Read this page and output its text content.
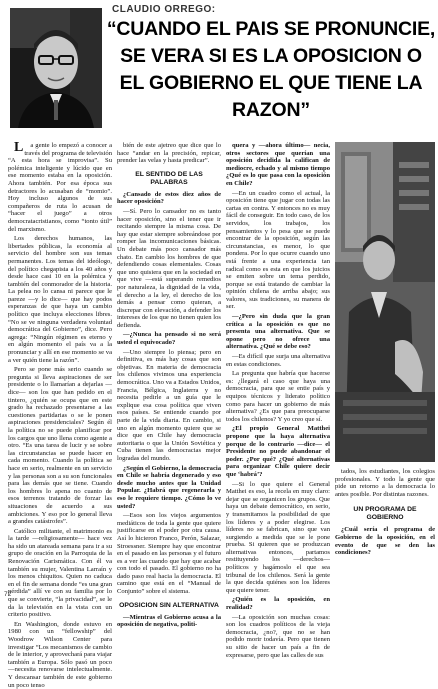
CLAUDIO ORREGO:
“CUANDO EL PAIS SE PRONUNCIE, SE VERA SI ES LA OPOSICION O EL GOBIERNO EL QUE TIENE LA RAZON”

La gente lo empezó a conocer a través del programa de televisión “A esta hora se improvisa”. Su polémica inteligente y lúcido que en ese momento estaba en la oposición. Ahora también. Por esa época sus detractores lo acusaban de “momio”. Hoy incluso algunos de sus compañeros de ruta lo acusan de “hacer el juego” a otros democratacristianos, como “tonto útil” del marxismo.

Los derechos humanos, las libertades públicas, la economía al servicio del hombre son sus temas permanentes. Los temas del ideólogo, del político chegapista a los 40 años y desde hace casi 10 en la polémica y también del conmorador de la historia. La pelea no lo cansa ni parece que le pareze —y lo dice— que hay podos esperanzas de que haya un cambio político que incluya elecciones libres. “No se ve ninguna verdadera voluntad democrática del Gobierno”, dice. Pero agrega: “Ningún régimen es eterno y en algún momento el país va a la pronunciar y allí en ese momento se va a ver quién tiene la razón”.

Pero se pone más serio cuando se pregunta si lleva aspiraciones de ser presidente o lo llamarían a dejarlas —dice— son los que han pedido en el tintero, ¿quién se ocupa que en este grado ha rechazado presentarse a las cuestiones partidarias o se le ponen aspiraciones presidenciales? Según él la política no se puede planificar por los cargos que uno llena como agente a otro. “Es una tarea de lucir y se sobre las circunstancias se puede hacer en cada momento. Cuando la política se hace en serio, realmente en un servicio y las personas son a su son funcionales para las demás que se tiene. Cuando los hombres lo apena no cuanto de esos terrenos tratando de forzar las situaciones de acuerdo a sus ambiciones. Y eso por lo general lleva a grandes catástrofes”.

Católico militante, el matrimonio es la tarde —religiosamente— hace vez ha sido un atareada semana para ir a su grupo de oración en la Parroquia de la Renovación Carismática. Con él va también su mujer, Valentina Larraín y los menos chiquitos. Quien no caduca en el fin de semana donde “es una gran pérdida” allí ve con su familia por lo que se convierte, “la privacidad”, se le da la televisión en la vista con un criterio positivo.

En Washington, donde estuvo en 1980 con un “fellowship” del Woodrow Wilson Center para investigar “Los mecanismos de cambio de le interior, y aprovechará para viajar también a Europa. Sólo pasó un poco —necesita renovarse intelectualmente. Y descansar también de este gobierno un poco tenso

bién de este ajetreo que dice que lo hace “andar en la precisión, repicar, prender las velas y hasta predicar”.

EL SENTIDO DE LAS PALABRAS

¿Cansado de estos diez años de hacer oposición?

—Sí. Pero lo cansador no es tanto hacer oposición, sino el tener que ir recitando siempre la misma cosa. De hay que estar siempre sobreándose por romper las incomunicaciones básicas. Un debate más poco cansador más chato. En cambio los hombres de que defendiendo cosas elementales. Cosas que uno quisiera que en la sociedad en que vive —está superando remedios por naturaleza, la dignidad de la vida, el derecho a la ley, el derecho de los demás a pensar como quieran, a discrepar con elevación, a defender los intereses de los que no tienen quien los defienda.

—¿Nunca ha pensado si no será usted el equivocado?

—Uno siempre lo piensa; pero en definitiva, es más hay cosas que son objetivas. En materia de democracia los chilenos vivimos una experiencia democrática. Uno va a Estados Unidos, Francia, Bélgica, Inglaterra y no necesita pedirle a un guía que le explique esa cosa política que viven esos países. Se entiende cuando por parte de la vida diaria. En cambio, si uno en algún momento quiere que se dice que en Chile hay democracia autoritaria o que la Unión Soviética y Cuba tienen las democracias mejor logradas del mundo.

¿Según el Gobierno, la democracia en Chile se habría degenerado y eso desde mucho antes que la Unidad Popular. ¿Habrá que regenerarla y eso le requiere tiempo. ¿Cómo lo ve usted?

—Esos son los viejos argumentos mediáticos de toda la gente que quiere justificarse en el poder por otra causa. Así lo hicieron Franco, Perón, Salazar, Stroessner. Siempre hay que encontrar en el pasado en las personas y el futuro es a ver las cuando que hay que acabar con todo el pasado. El gobierno no ha dado paso real hacia la democracia. El camino que está en el “Manual de Conjunto” sobre el sistema.

OPOSICION SIN ALTERNATIVA

—Mientras el Gobierno acusa a la oposición de negativa, politi-

quera y —ahora último— necia, otros sectores que querían una oposición decidida la califican de mediocre, echado y al mismo tiempo ¿Qué es lo que pasa con la oposición en Chile?

—En un cuadro como el actual, la oposición tiene que jugar con todas las cartas en contra. Y entonces no es muy fácil de conseguir. En todo caso, de los servidos, los trabajos, los pensamientos y lo pesa que se puede encontrar de la oposición, según las circunstancias, es menor, lo que pondera. Por lo que ocurre cuando uno está frente a una experiencia tan radical como es esta en que los juicios se emiten sobre un tema perdido, porque se está tratando de cambiar la opinión chilena de arriba abajo; sus valores, sus tradiciones, su manera de ser.

—¿Pero sin duda que la gran crítica a la oposición es que no presenta una alternativa. Que se opone pero no ofrece una alternativa. ¿Qué se debe eso?

—Es difícil que surja una alternativa en estas condiciones.

La pregunta que habría que hacerse es: ¿llegará el caso que haya una democracia, para que se entie país y equipos técnicos y liderato político como para hacer un gobierno de más alternativa? ¿Es que para preocuparse todos los chilenos? Y yo creo que sí.

¿El propio General Matthei propone que la haya alternativa porque de lo contrario —dice— el Presidente no puede abandonar el poder. ¿Por qué? ¿Qué alternativas para organizar Chile quiere decir que ‘habrá’?

—Si lo que quiere el General Matthei es eso, la recela en muy claro: dejar que se organicen los grupos. Que haya un debate democrático, en serio, y transmitamos la posibilidad de que los líderes y a poder elegirse. Los líderes no se fabrican, sino que van surgiendo a medida que se le pone prueba. Si quieren que se produzcan alternativas entonces, partamos restituyendo los —derechos— políticos y hagámoslo el que sea tribunal de los chilenos. Será la gente la que decida quiénes son los líderes que quiere tener.

¿Quién es la oposición, en realidad?

—La oposición son muchas cosas: son los cuadros políticos de la vieja democracia, ¿no?, que no se han podido morir todavía. Pero que tienen su sitio de hacer un país a fin de expresarse, pero que las calles de sus

72

tados, los estudiantes, los colegios profesionales. Y todo la gente que pide un retorno a la democracia lo antes posible. Por distintas razones.

UN PROGRAMA DE GOBIERNO

¿Cuál sería el programa de Gobierno de la oposición, en el evento de que se den las condiciones?
